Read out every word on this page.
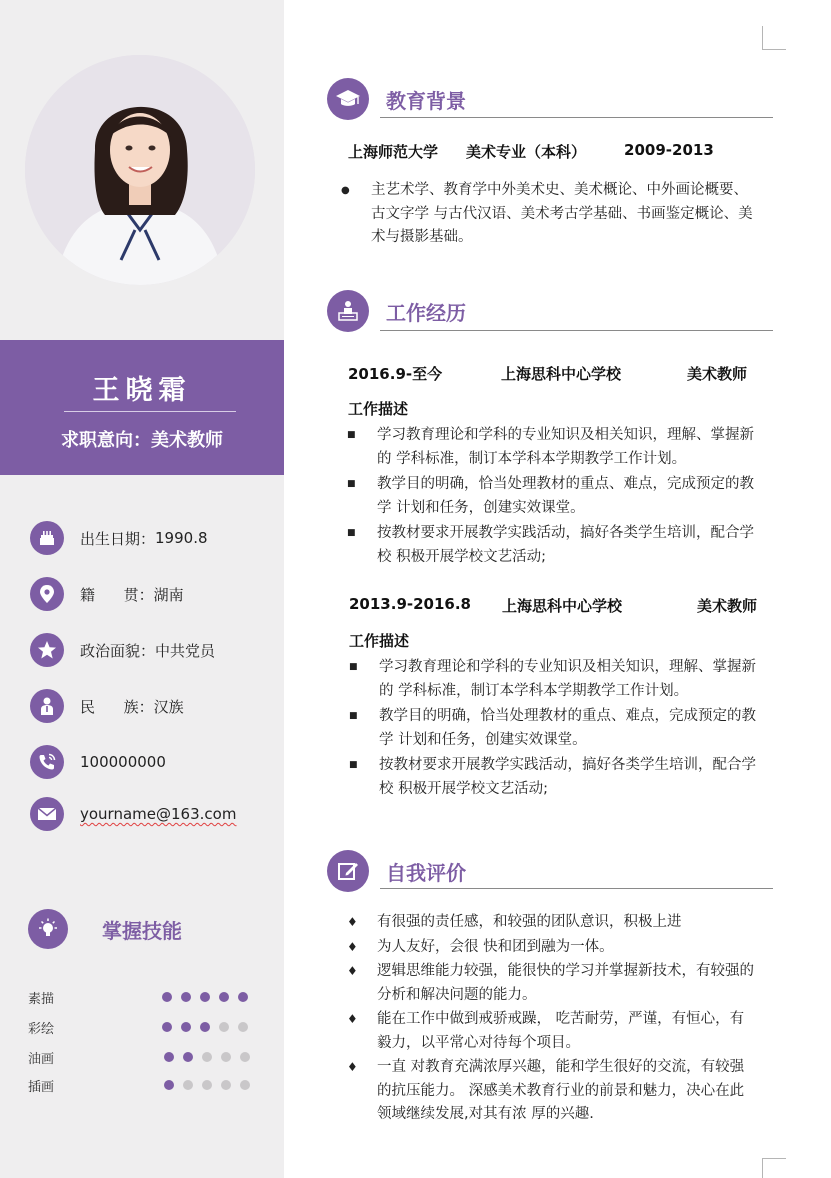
王晓霜
求职意向：美术教师
出生日期： 1990.8
籍      贯： 湖南
政治面貌： 中共党员
民      族： 汉族
100000000
yourname@163.com
掌握技能
素描
彩绘
油画
插画
教育背景
上海师范大学 美术专业（本科）	2009-2013
● 主艺术学、教育学中外美术史、美术概论、中外画论概要、古文字学 与古代汉语、美术考古学基础、书画鉴定概论、美术与摄影基础。
工作经历
2016.9-至今	上海思科中心学校	美术教师
工作描述
■ 学习教育理论和学科的专业知识及相关知识，理解、掌握新的 学科标准，制订本学科本学期教学工作计划。
■ 教学目的明确，恰当处理教材的重点、难点，完成预定的教学 计划和任务，创建实效课堂。
■ 按教材要求开展教学实践活动，搞好各类学生培训，配合学校 积极开展学校文艺活动;
2013.9-2016.8 上海思科中心学校	美术教师
工作描述
■ 学习教育理论和学科的专业知识及相关知识，理解、掌握新的 学科标准，制订本学科本学期教学工作计划。
■ 教学目的明确，恰当处理教材的重点、难点，完成预定的教学 计划和任务，创建实效课堂。
■ 按教材要求开展教学实践活动，搞好各类学生培训，配合学校 积极开展学校文艺活动;
自我评价
♦ 有很强的责任感，和较强的团队意识，积极上进
♦ 为人友好，会很 快和团到融为一体。
♦ 逻辑思维能力较强，能很快的学习并掌握新技术，有较强的分析和解决问题的能力。
♦ 能在工作中做到戒骄戒躁， 吃苦耐劳，严谨，有恒心，有毅力，以平常心对待每个项目。
♦ 一直 对教育充满浓厚兴趣，能和学生很好的交流，有较强的抗压能力。 深感美术教育行业的前景和魅力，决心在此领域继续发展,对其有浓 厚的兴趣.
